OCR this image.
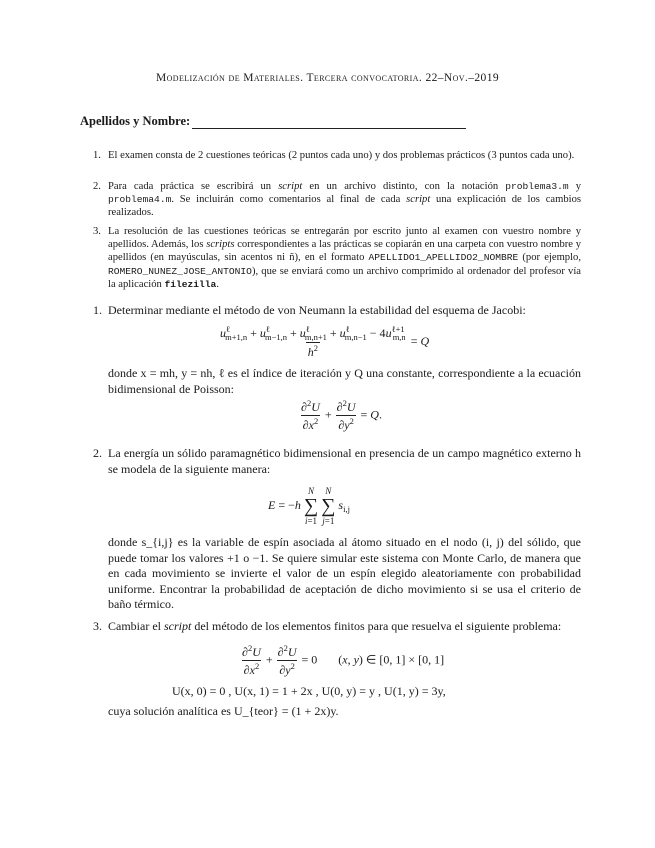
Modelización de Materiales. Tercera convocatoria. 22–Nov.–2019
Apellidos y Nombre:
1. El examen consta de 2 cuestiones teóricas (2 puntos cada uno) y dos problemas prácticos (3 puntos cada uno).
2. Para cada práctica se escribirá un script en un archivo distinto, con la notación problema3.m y problema4.m. Se incluirán como comentarios al final de cada script una explicación de los cambios realizados.
3. La resolución de las cuestiones teóricas se entregarán por escrito junto al examen con vuestro nombre y apellidos. Además, los scripts correspondientes a las prácticas se copiarán en una carpeta con vuestro nombre y apellidos (en mayúsculas, sin acentos ni ñ), en el formato APELLIDO1_APELLIDO2_NOMBRE (por ejemplo, ROMERO_NUNEZ_JOSE_ANTONIO), que se enviará como un archivo comprimido al ordenador del profesor vía la aplicación filezilla.
1. Determinar mediante el método de von Neumann la estabilidad del esquema de Jacobi:
$\frac{u^\ell_{m+1,n} + u^\ell_{m-1,n} + u^\ell_{m,n+1} + u^\ell_{m,n-1} - 4u^{\ell+1}_{m,n}}{h^2} = Q$
donde x = mh, y = nh, ℓ es el índice de iteración y Q una constante, correspondiente a la ecuación bidimensional de Poisson:
$\frac{\partial^2U}{\partial x^2} + \frac{\partial^2U}{\partial y^2} = Q$.
2. La energía un sólido paramagnético bidimensional en presencia de un campo magnético externo h se modela de la siguiente manera:
E = −h
N
∑
i=1

N
∑
j=1
$s_{i,j}$
donde s_{i,j} es la variable de espín asociada al átomo situado en el nodo (i, j) del sólido, que puede tomar los valores +1 o −1. Se quiere simular este sistema con Monte Carlo, de manera que en cada movimiento se invierte el valor de un espín elegido aleatoriamente con probabilidad uniforme. Encontrar la probabilidad de aceptación de dicho movimiento si se usa el criterio de baño térmico.
3. Cambiar el script del método de los elementos finitos para que resuelva el siguiente problema:
$\frac{\partial^2U}{\partial x^2} + \frac{\partial^2U}{\partial y^2} = 0$       (x, y) ∈ [0, 1] × [0, 1]
U(x, 0) = 0 , U(x, 1) = 1 + 2x , U(0, y) = y , U(1, y) = 3y,
cuya solución analítica es U_{teor} = (1 + 2x)y.
